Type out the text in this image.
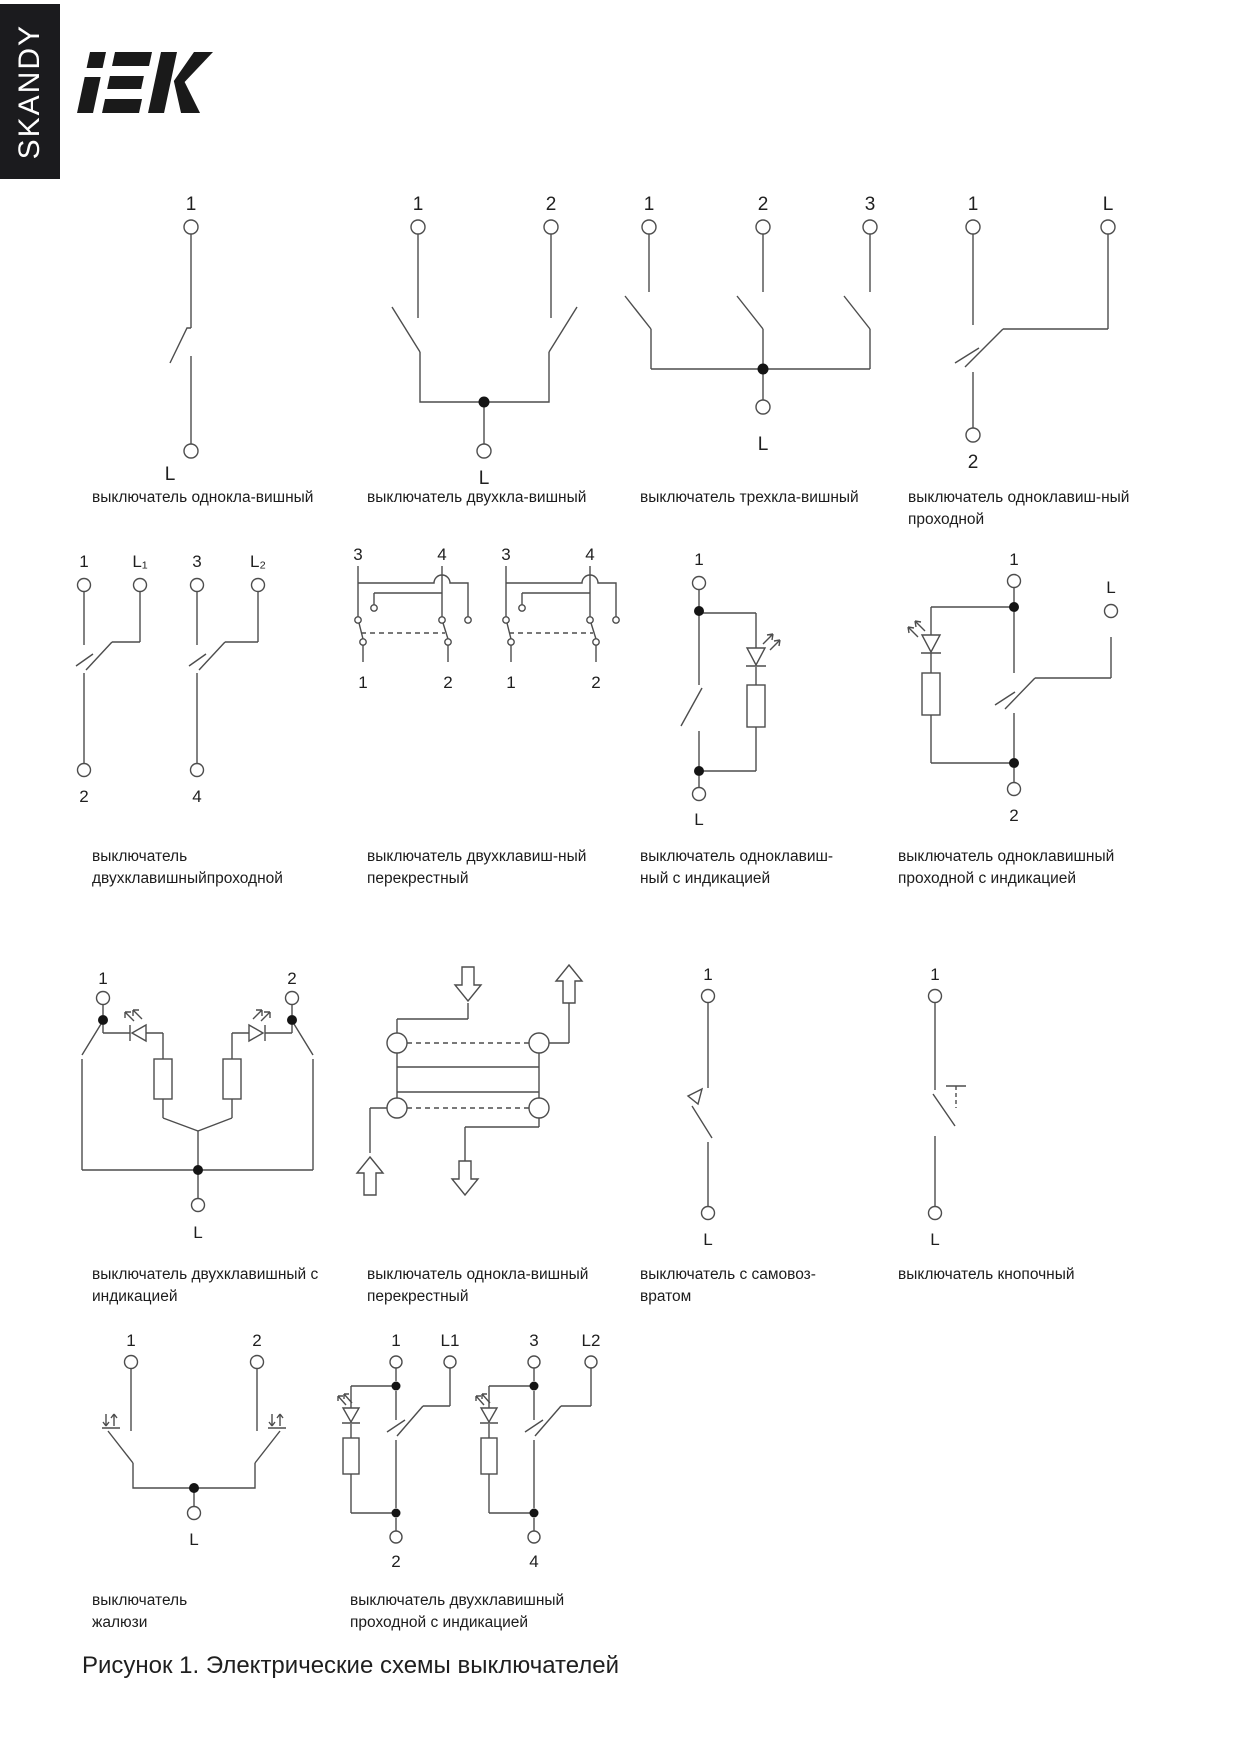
SKANDY
1
L
1	2
L
1	2	3
L
1	L
2
выключатель однокла-вишный	выключатель двухкла-вишный	выключатель трехкла-вишный	выключатель одноклавиш-ный
проходной
1	L₁	3	L₂
2	4
3	4
1	2
3	4
1	2
1
L
1
L
2
выключатель
двухклавишныйпроходной
выключатель двухклавиш-ный
перекрестный
выключатель одноклавиш-
ный с индикацией
выключатель одноклавишный
проходной с индикацией
1	2
L
1
L
1
L
выключатель двухклавишный с
индикацией
выключатель однокла-вишный
перекрестный
выключатель с самовоз-
вратом
выключатель кнопочный
1	2
L
1 L1
2
3	L2
4
выключатель
жалюзи
выключатель двухклавишный
проходной с индикацией
Рисунок 1. Электрические схемы выключателей
